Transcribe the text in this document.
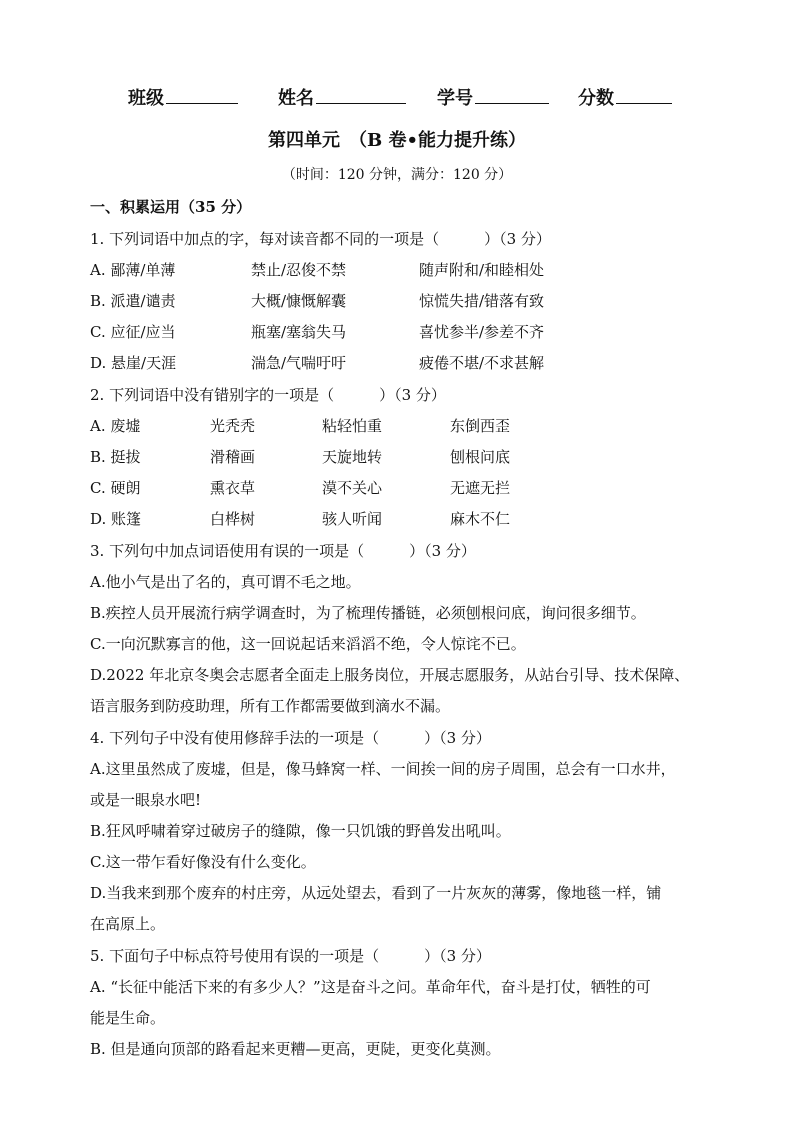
班级	姓名	学号	分数
第四单元　（B 卷•能力提升练）
（时间：120 分钟，满分：120 分）
一、积累运用（35 分）
1. 下列词语中加点的字，每对读音都不同的一项是（　　　）（3 分）
A. 鄙薄/单薄	禁止/忍俊不禁	随声附和/和睦相处
B. 派遣/谴责	大概/慷慨解囊	惊慌失措/错落有致
C. 应征/应当	瓶塞/塞翁失马	喜忧参半/参差不齐
D. 悬崖/天涯	湍急/气喘吁吁	疲倦不堪/不求甚解
2. 下列词语中没有错别字的一项是（　　　）（3 分）
A. 废墟	光秃秃	粘轻怕重	东倒西歪
B. 挺拔	滑稽画	天旋地转	刨根问底
C. 硬朗	熏衣草	漠不关心	无遮无拦
D. 账篷	白桦树	骇人听闻	麻木不仁
3. 下列句中加点词语使用有误的一项是（　　　）（3 分）
A.他小气是出了名的，真可谓不毛之地。
B.疾控人员开展流行病学调查时，为了梳理传播链，必须刨根问底，询问很多细节。
C.一向沉默寡言的他，这一回说起话来滔滔不绝，令人惊诧不已。
D.2022 年北京冬奥会志愿者全面走上服务岗位，开展志愿服务，从站台引导、技术保障、
语言服务到防疫助理，所有工作都需要做到滴水不漏。
4. 下列句子中没有使用修辞手法的一项是（　　　）（3 分）
A.这里虽然成了废墟，但是，像马蜂窝一样、一间挨一间的房子周围，总会有一口水井，
或是一眼泉水吧!
B.狂风呼啸着穿过破房子的缝隙，像一只饥饿的野兽发出吼叫。
C.这一带乍看好像没有什么变化。
D.当我来到那个废弃的村庄旁，从远处望去，看到了一片灰灰的薄雾，像地毯一样，铺
在高原上。
5. 下面句子中标点符号使用有误的一项是（　　　）（3 分）
A. “长征中能活下来的有多少人？”这是奋斗之问。革命年代，奋斗是打仗，牺牲的可
能是生命。
B. 但是通向顶部的路看起来更糟—更高，更陡，更变化莫测。
